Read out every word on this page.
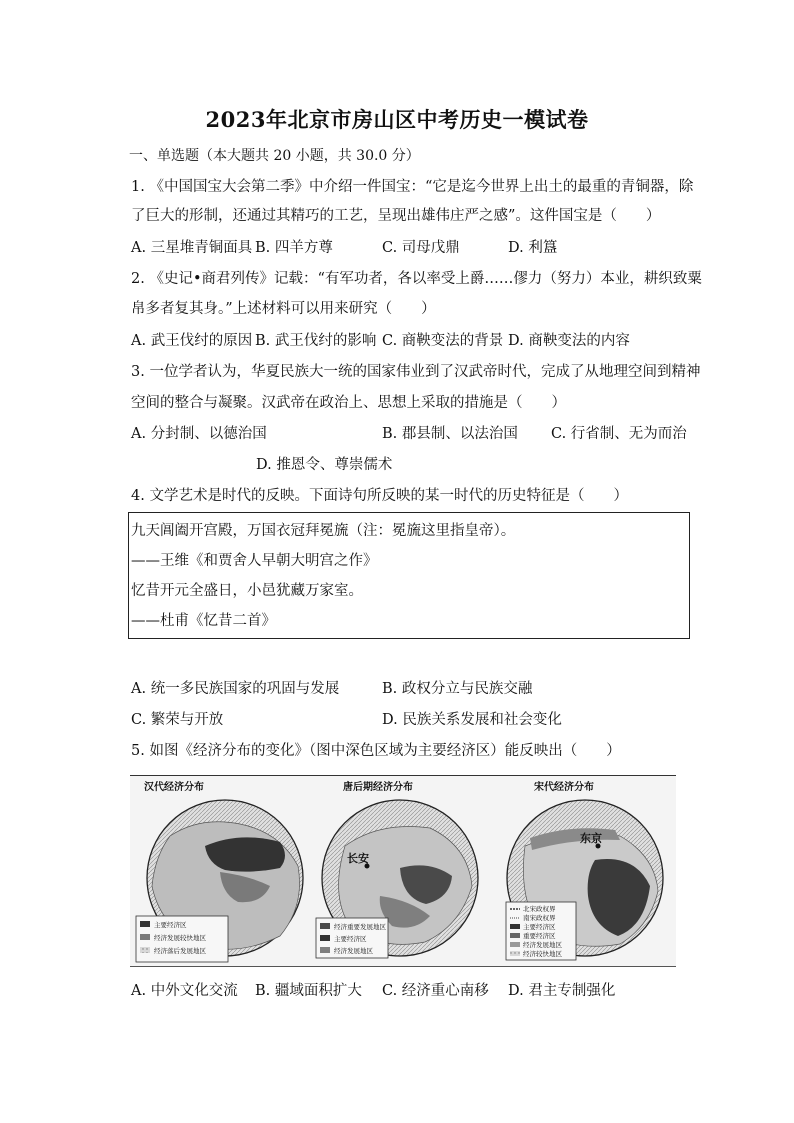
2023年北京市房山区中考历史一模试卷
一、单选题（本大题共 20 小题，共 30.0 分）
1. 《中国国宝大会第二季》中介绍一件国宝：“它是迄今世界上出土的最重的青铜器，除
了巨大的形制，还通过其精巧的工艺，呈现出雄伟庄严之感”。这件国宝是（　　）
A. 三星堆青铜面具 B. 四羊方尊	C. 司母戊鼎	D. 利簋
2. 《史记•商君列传》记载：“有军功者，各以率受上爵……僇力（努力）本业，耕织致粟
帛多者复其身。”上述材料可以用来研究（　　）
A. 武王伐纣的原因 B. 武王伐纣的影响 C. 商鞅变法的背景 D. 商鞅变法的内容
3. 一位学者认为，华夏民族大一统的国家伟业到了汉武帝时代，完成了从地理空间到精神
空间的整合与凝聚。汉武帝在政治上、思想上采取的措施是（　　）
A. 分封制、以德治国	B. 郡县制、以法治国 C. 行省制、无为而治
D. 推恩令、尊崇儒术
4. 文学艺术是时代的反映。下面诗句所反映的某一时代的历史特征是（　　）
九天阊阖开宫殿，万国衣冠拜冕旒（注：冕旒这里指皇帝）。
——王维《和贾舍人早朝大明宫之作》
忆昔开元全盛日，小邑犹藏万家室。
——杜甫《忆昔二首》
A. 统一多民族国家的巩固与发展	B. 政权分立与民族交融
C. 繁荣与开放	D. 民族关系发展和社会变化
5. 如图《经济分布的变化》（图中深色区域为主要经济区）能反映出（　　）
汉代经济分布
主要经济区
经济发展较快地区
经济落后发展地区
唐后期经济分布
长安
经济重要发展地区
主要经济区
经济发展地区
宋代经济分布
东京
北宋政权界
南宋政权界
主要经济区
重要经济区
经济发展地区
经济较快地区
A. 中外文化交流 B. 疆域面积扩大 C. 经济重心南移 D. 君主专制强化
